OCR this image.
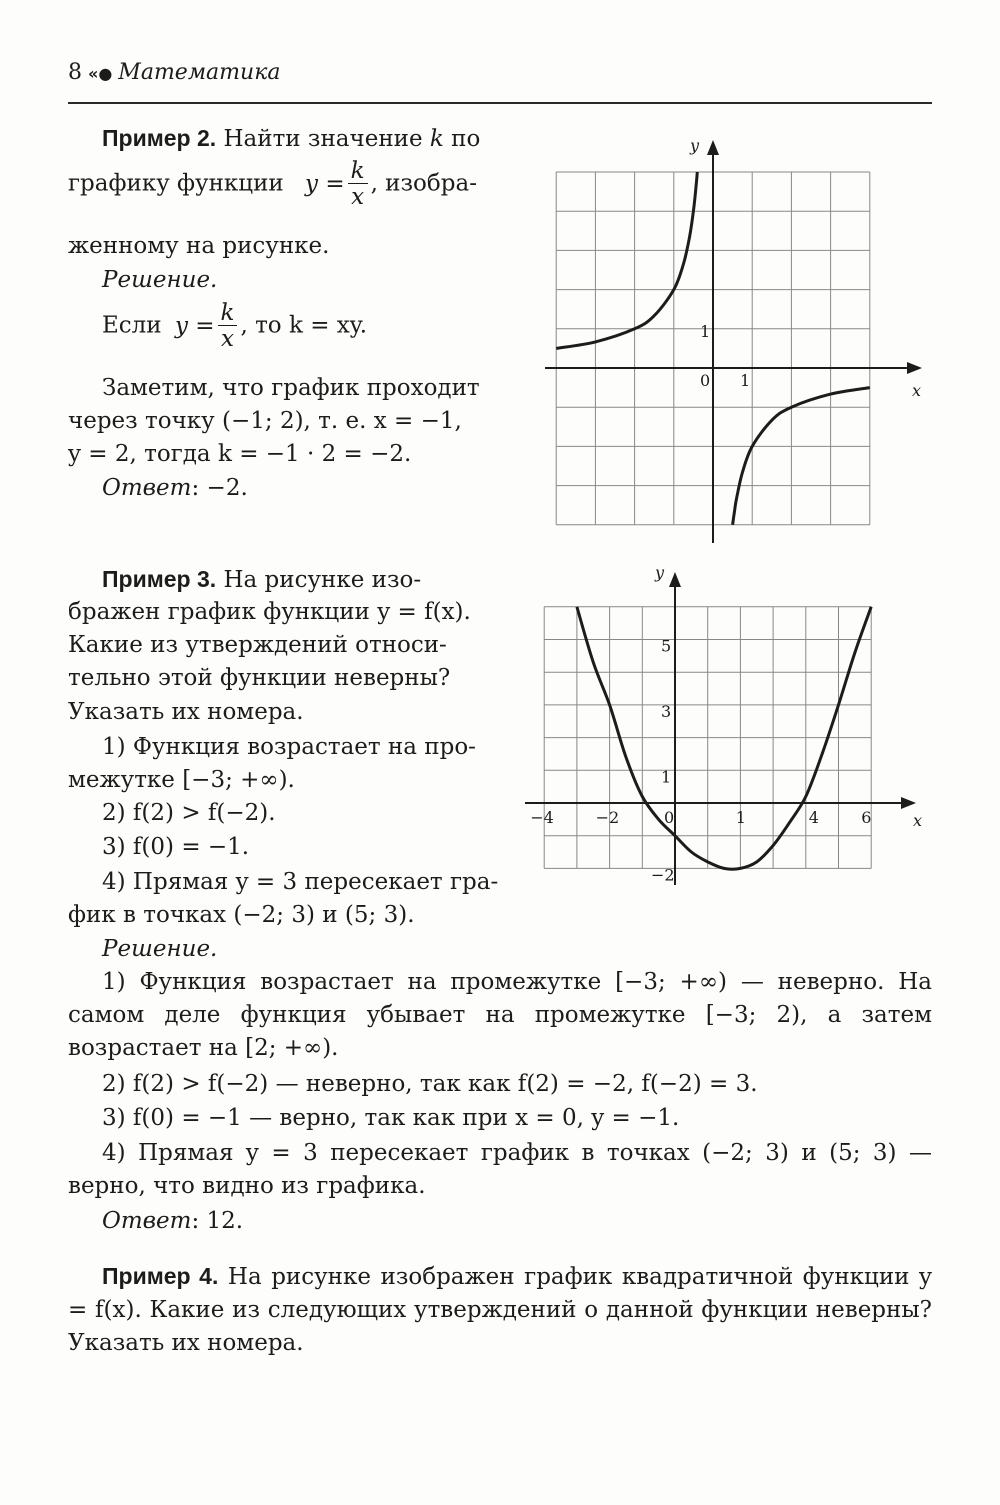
8 «● Математика
Пример 2. Найти значение k по
графику функции $y = \frac{k}{x}$ , изобра-
женному на рисунке.
Решение.
Если $y = \frac{k}{x}$ , то k = xy.
Заметим, что график проходит
через точку (−1; 2), т. е. x = −1,
y = 2, тогда k = −1 · 2 = −2.
Ответ: −2.
x
y
0 1
1
Пример 3. На рисунке изо-
бражен график функции y = f(x).
Какие из утверждений относи-
тельно этой функции неверны?
Указать их номера.
1) Функция возрастает на про-
межутке [−3; +∞).
2) f(2) > f(−2).
3) f(0) = −1.
4) Прямая y = 3 пересекает гра-
фик в точках (−2; 3) и (5; 3).
Решение.
1) Функция возрастает на промежутке [−3; +∞) — неверно. На самом деле функция убывает на промежутке [−3; 2), а затем возрастает на [2; +∞).
2) f(2) > f(−2) — неверно, так как f(2) = −2, f(−2) = 3.
3) f(0) = −1 — верно, так как при x = 0, y = −1.
4) Прямая y = 3 пересекает график в точках (−2; 3) и (5; 3) — верно, что видно из графика.
Ответ: 12.
x
y
−4	−2	0	1	4	6
5
3
1
−2
Пример 4. На рисунке изображен график квадратичной функции y = f(x). Какие из следующих утверждений о данной функции неверны? Указать их номера.
